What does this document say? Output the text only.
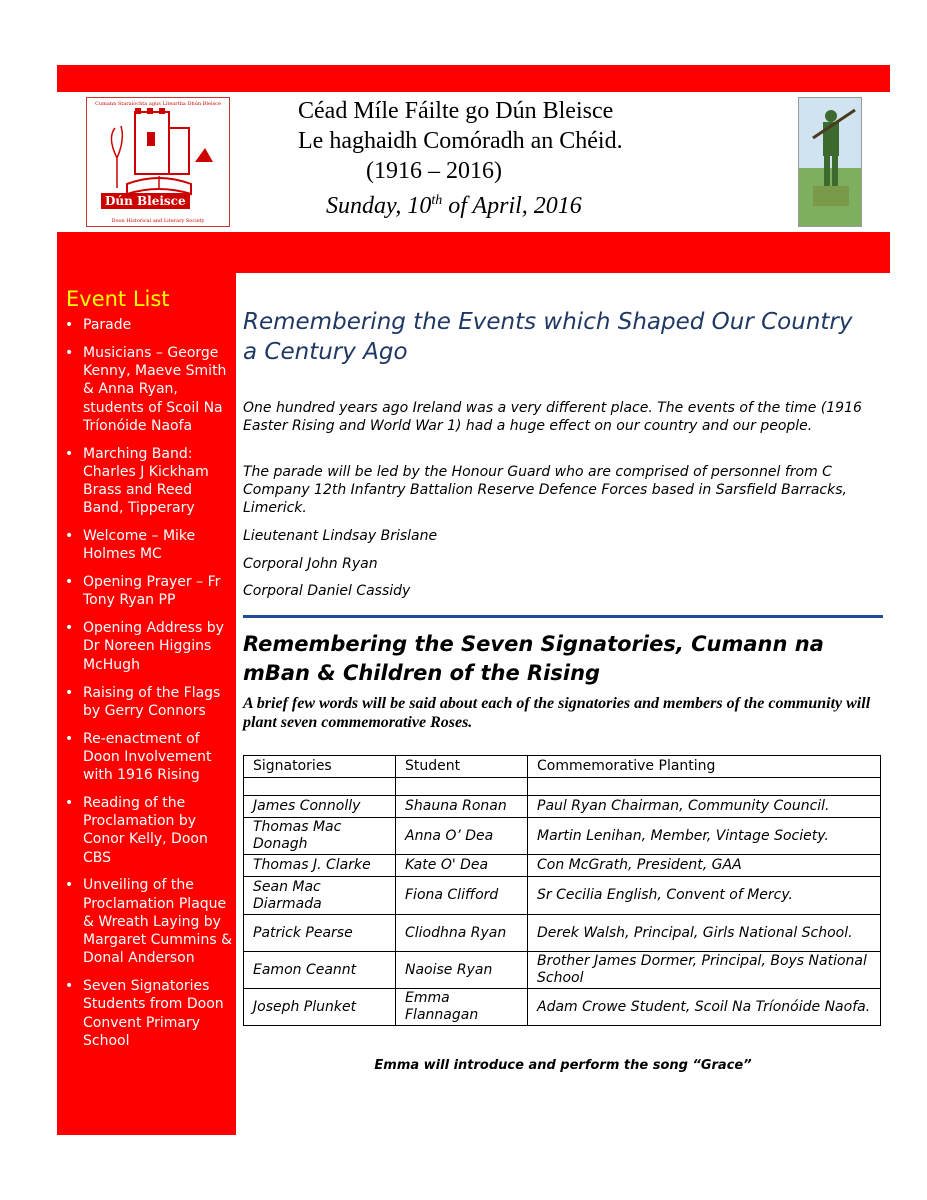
Cumann Staraíochta agus Liteartha Dhún Bleisce
Dún Bleisce
Doon Historical and Literary Society
Céad Míle Fáilte go Dún Bleisce
Le haghaidh Comóradh an Chéid.
(1916 – 2016)
Sunday, 10th of April, 2016
Event List
• Parade
• Musicians – George Kenny, Maeve Smith & Anna Ryan, students of Scoil Na Tríonóide Naofa
• Marching Band: Charles J Kickham Brass and Reed Band, Tipperary
• Welcome – Mike Holmes MC
• Opening Prayer – Fr Tony Ryan PP
• Opening Address by Dr Noreen Higgins McHugh
• Raising of the Flags by Gerry Connors
• Re-enactment of Doon Involvement with 1916 Rising
• Reading of the Proclamation by Conor Kelly, Doon CBS
• Unveiling of the Proclamation Plaque & Wreath Laying by Margaret Cummins & Donal Anderson
• Seven Signatories Students from Doon Convent Primary School
Remembering the Events which Shaped Our Country a Century Ago
One hundred years ago Ireland was a very different place. The events of the time (1916 Easter Rising and World War 1) had a huge effect on our country and our people.
The parade will be led by the Honour Guard who are comprised of personnel from C Company 12th Infantry Battalion Reserve Defence Forces based in Sarsfield Barracks, Limerick.
Lieutenant Lindsay Brislane
Corporal John Ryan
Corporal Daniel Cassidy
Remembering the Seven Signatories, Cumann na mBan & Children of the Rising
A brief few words will be said about each of the signatories and members of the community will plant seven commemorative Roses.
Signatories	Student	Commemorative Planting

James Connolly	Shauna Ronan	Paul Ryan Chairman, Community Council.
Thomas Mac Donagh	Anna O’ Dea	Martin Lenihan, Member, Vintage Society.
Thomas J. Clarke	Kate O' Dea	Con McGrath, President, GAA
Sean Mac Diarmada	Fiona Clifford	Sr Cecilia English, Convent of Mercy.
Patrick Pearse	Cliodhna Ryan	Derek Walsh, Principal, Girls National School.
Eamon Ceannt	Naoise Ryan	Brother James Dormer, Principal, Boys National School
Joseph Plunket	Emma Flannagan	Adam Crowe Student, Scoil Na Tríonóide Naofa.
Emma will introduce and perform the song “Grace”
